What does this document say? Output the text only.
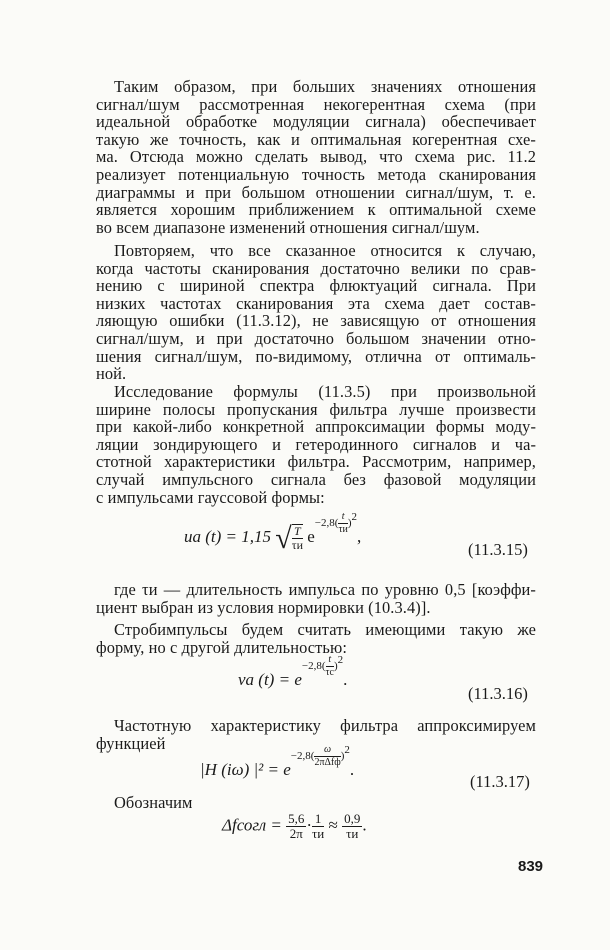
Таким образом, при больших значениях отношения
сигнал/шум рассмотренная некогерентная схема (при
идеальной обработке модуляции сигнала) обеспечивает
такую же точность, как и оптимальная когерентная схе-
ма. Отсюда можно сделать вывод, что схема рис. 11.2
реализует потенциальную точность метода сканирования
диаграммы и при большом отношении сигнал/шум, т. е.
является хорошим приближением к оптимальной схеме
во всем диапазоне изменений отношения сигнал/шум.
Повторяем, что все сказанное относится к случаю,
когда частоты сканирования достаточно велики по срав-
нению с шириной спектра флюктуаций сигнала. При
низких частотах сканирования эта схема дает состав-
ляющую ошибки (11.3.12), не зависящую от отношения
сигнал/шум, и при достаточно большом значении отно-
шения сигнал/шум, по-видимому, отлична от оптималь-
ной.
Исследование формулы (11.3.5) при произвольной
ширине полосы пропускания фильтра лучше произвести
при какой-либо конкретной аппроксимации формы моду-
ляции зондирующего и гетеродинного сигналов и ча-
стотной характеристики фильтра. Рассмотрим, например,
случай импульсного сигнала без фазовой модуляции
с импульсами гауссовой формы:
uа (t) = 1,15 √ $\frac{T}{\tau и} e^{-2,8( \frac{t}{\tau и} )2}$,
(11.3.15)
где τи — длительность импульса по уровню 0,5 [коэффи-
циент выбран из условия нормировки (10.3.4)].
Стробимпульсы будем считать имеющими такую же
форму, но с другой длительностью:
vа $(t) = e^{-2,8( \frac{t}{\tau с} )2}$.
(11.3.16)
Частотную характеристику фильтра аппроксимируем
функцией
|H (iω) $|^2 = e^{-2,8( \frac{\omega}{\text{2πΔfф}} )2}$.
(11.3.17)
Обозначим
Δfсогл = $\frac{5,6}{2\pi} \cdot \frac{1}{\tau и} \approx \frac{0,9}{\tau и}$ .
839
